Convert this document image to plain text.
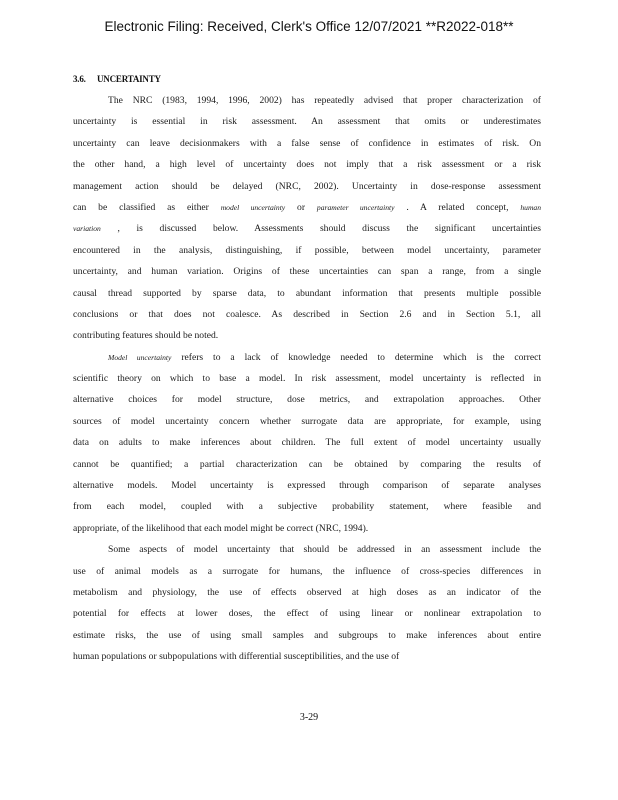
Electronic Filing: Received, Clerk's Office 12/07/2021 **R2022-018**
3.6. UNCERTAINTY
The NRC (1983, 1994, 1996, 2002) has repeatedly advised that proper characterization of
uncertainty is essential in risk assessment. An assessment that omits or underestimates
uncertainty can leave decisionmakers with a false sense of confidence in estimates of risk. On
the other hand, a high level of uncertainty does not imply that a risk assessment or a risk
management action should be delayed (NRC, 2002). Uncertainty in dose-response assessment
can be classified as either model uncertainty or parameter uncertainty . A related concept, human
variation , is discussed below. Assessments should discuss the significant uncertainties
encountered in the analysis, distinguishing, if possible, between model uncertainty, parameter
uncertainty, and human variation. Origins of these uncertainties can span a range, from a single
causal thread supported by sparse data, to abundant information that presents multiple possible
conclusions or that does not coalesce. As described in Section 2.6 and in Section 5.1, all
contributing features should be noted.
Model uncertainty refers to a lack of knowledge needed to determine which is the correct
scientific theory on which to base a model. In risk assessment, model uncertainty is reflected in
alternative choices for model structure, dose metrics, and extrapolation approaches. Other
sources of model uncertainty concern whether surrogate data are appropriate, for example, using
data on adults to make inferences about children. The full extent of model uncertainty usually
cannot be quantified; a partial characterization can be obtained by comparing the results of
alternative models. Model uncertainty is expressed through comparison of separate analyses
from each model, coupled with a subjective probability statement, where feasible and
appropriate, of the likelihood that each model might be correct (NRC, 1994).
Some aspects of model uncertainty that should be addressed in an assessment include the
use of animal models as a surrogate for humans, the influence of cross-species differences in
metabolism and physiology, the use of effects observed at high doses as an indicator of the
potential for effects at lower doses, the effect of using linear or nonlinear extrapolation to
estimate risks, the use of using small samples and subgroups to make inferences about entire
human populations or subpopulations with differential susceptibilities, and the use of
3-29
